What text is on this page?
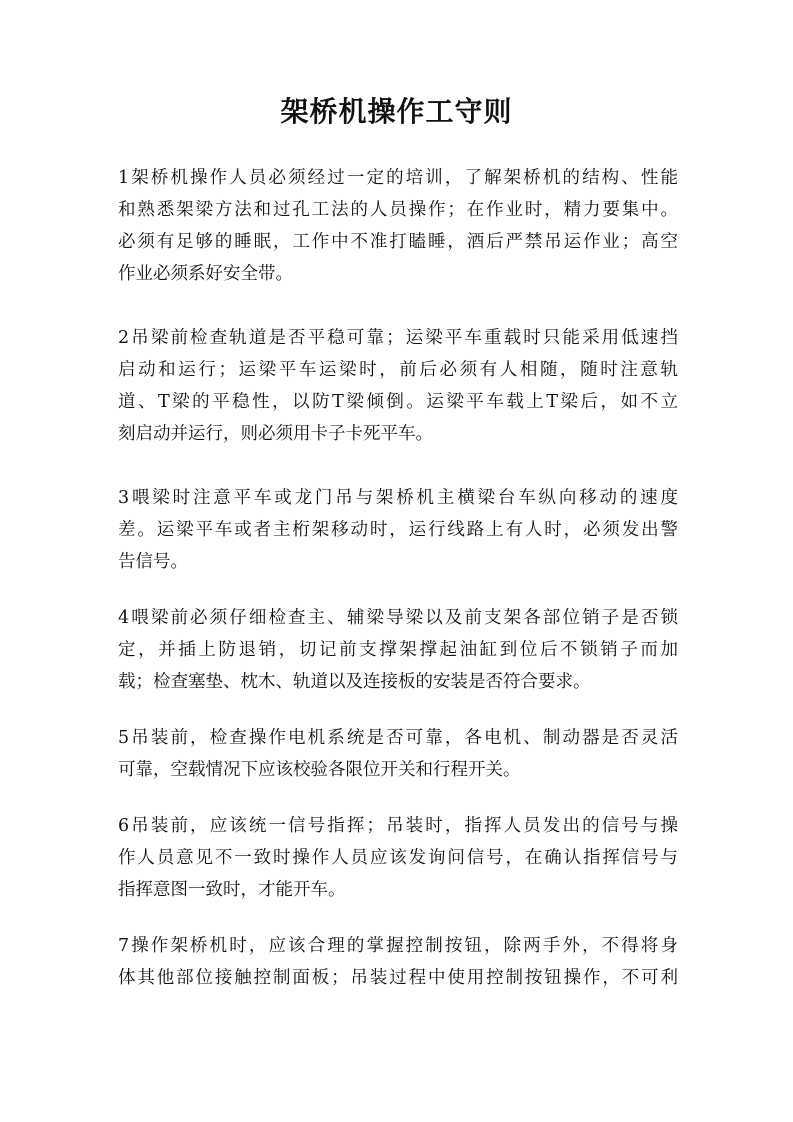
架桥机操作工守则
1架桥机操作人员必须经过一定的培训，了解架桥机的结构、性能
和熟悉架梁方法和过孔工法的人员操作；在作业时，精力要集中。
必须有足够的睡眠，工作中不准打瞌睡，酒后严禁吊运作业；高空
作业必须系好安全带。
2吊梁前检查轨道是否平稳可靠；运梁平车重载时只能采用低速挡
启动和运行；运梁平车运梁时，前后必须有人相随，随时注意轨
道、T梁的平稳性，以防T梁倾倒。运梁平车载上T梁后，如不立
刻启动并运行，则必须用卡子卡死平车。
3喂梁时注意平车或龙门吊与架桥机主横梁台车纵向移动的速度
差。运梁平车或者主桁架移动时，运行线路上有人时，必须发出警
告信号。
4喂梁前必须仔细检查主、辅梁导梁以及前支架各部位销子是否锁
定，并插上防退销，切记前支撑架撑起油缸到位后不锁销子而加
载；检查塞垫、枕木、轨道以及连接板的安装是否符合要求。
5吊装前，检查操作电机系统是否可靠，各电机、制动器是否灵活
可靠，空载情况下应该校验各限位开关和行程开关。
6吊装前，应该统一信号指挥；吊装时，指挥人员发出的信号与操
作人员意见不一致时操作人员应该发询问信号，在确认指挥信号与
指挥意图一致时，才能开车。
7操作架桥机时，应该合理的掌握控制按钮，除两手外，不得将身
体其他部位接触控制面板；吊装过程中使用控制按钮操作，不可利
